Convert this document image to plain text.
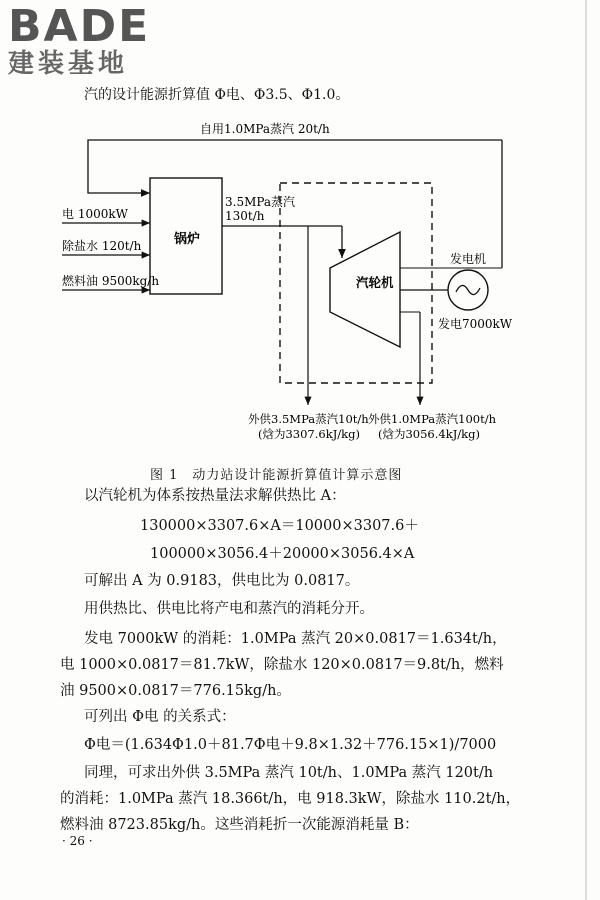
BADE
建装基地
汽的设计能源折算值 Φ电、Φ3.5、Φ1.0。
自用1.0MPa蒸汽 20t/h
锅炉
电 1000kW
除盐水 120t/h
燃料油 9500kg/h
3.5MPa蒸汽
130t/h
汽轮机
发电机
发电7000kW
外供3.5MPa蒸汽10t/h
(焓为3307.6kJ/kg)
外供1.0MPa蒸汽100t/h
(焓为3056.4kJ/kg)
图 1　动力站设计能源折算值计算示意图
以汽轮机为体系按热量法求解供热比 A：
130000×3307.6×A＝10000×3307.6＋
100000×3056.4＋20000×3056.4×A
可解出 A 为 0.9183，供电比为 0.0817。
用供热比、供电比将产电和蒸汽的消耗分开。
发电 7000kW 的消耗：1.0MPa 蒸汽 20×0.0817＝1.634t/h，
电 1000×0.0817＝81.7kW，除盐水 120×0.0817＝9.8t/h，燃料
油 9500×0.0817＝776.15kg/h。
可列出 Φ电 的关系式：
Φ电＝(1.634Φ1.0＋81.7Φ电＋9.8×1.32＋776.15×1)/7000
同理，可求出外供 3.5MPa 蒸汽 10t/h、1.0MPa 蒸汽 120t/h
的消耗：1.0MPa 蒸汽 18.366t/h，电 918.3kW，除盐水 110.2t/h，
燃料油 8723.85kg/h。这些消耗折一次能源消耗量 B：
· 26 ·
